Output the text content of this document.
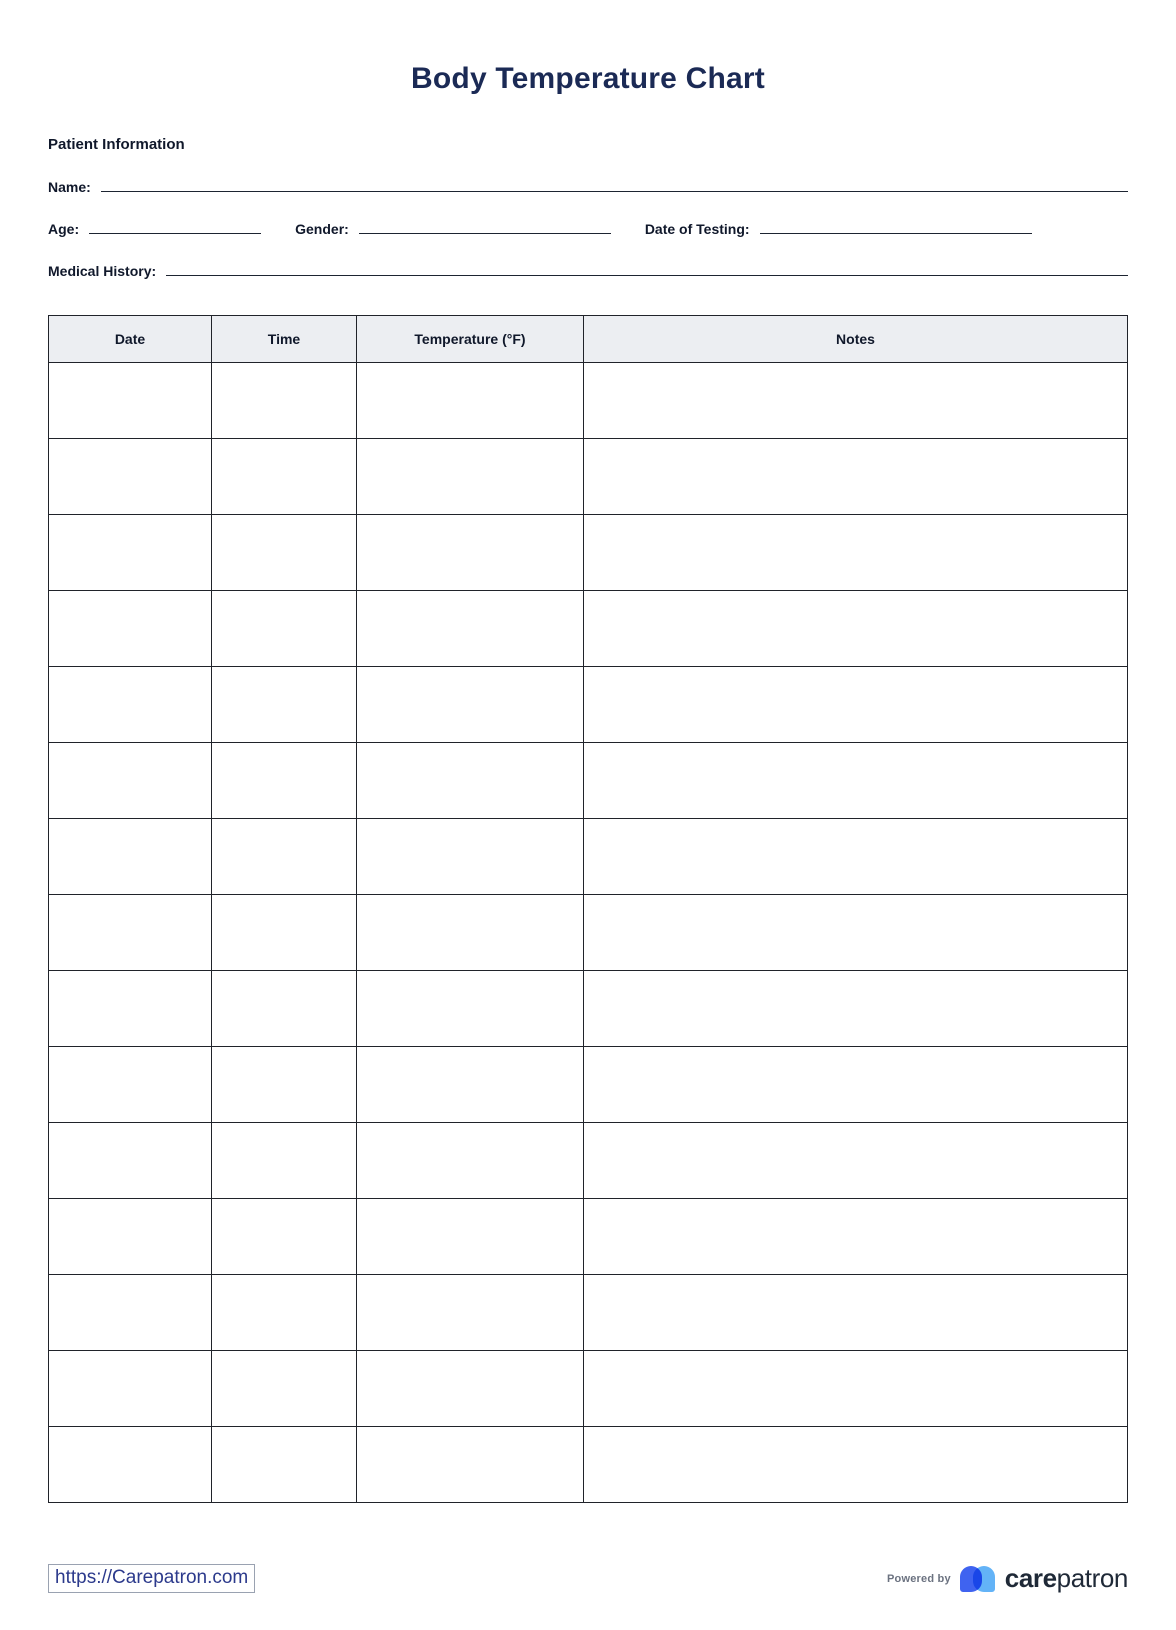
Body Temperature Chart
Patient Information
Name:
Age:	Gender:	Date of Testing:
Medical History:
Date	Time	Temperature (°F)	Notes

https://Carepatron.com	Powered by carepatron
